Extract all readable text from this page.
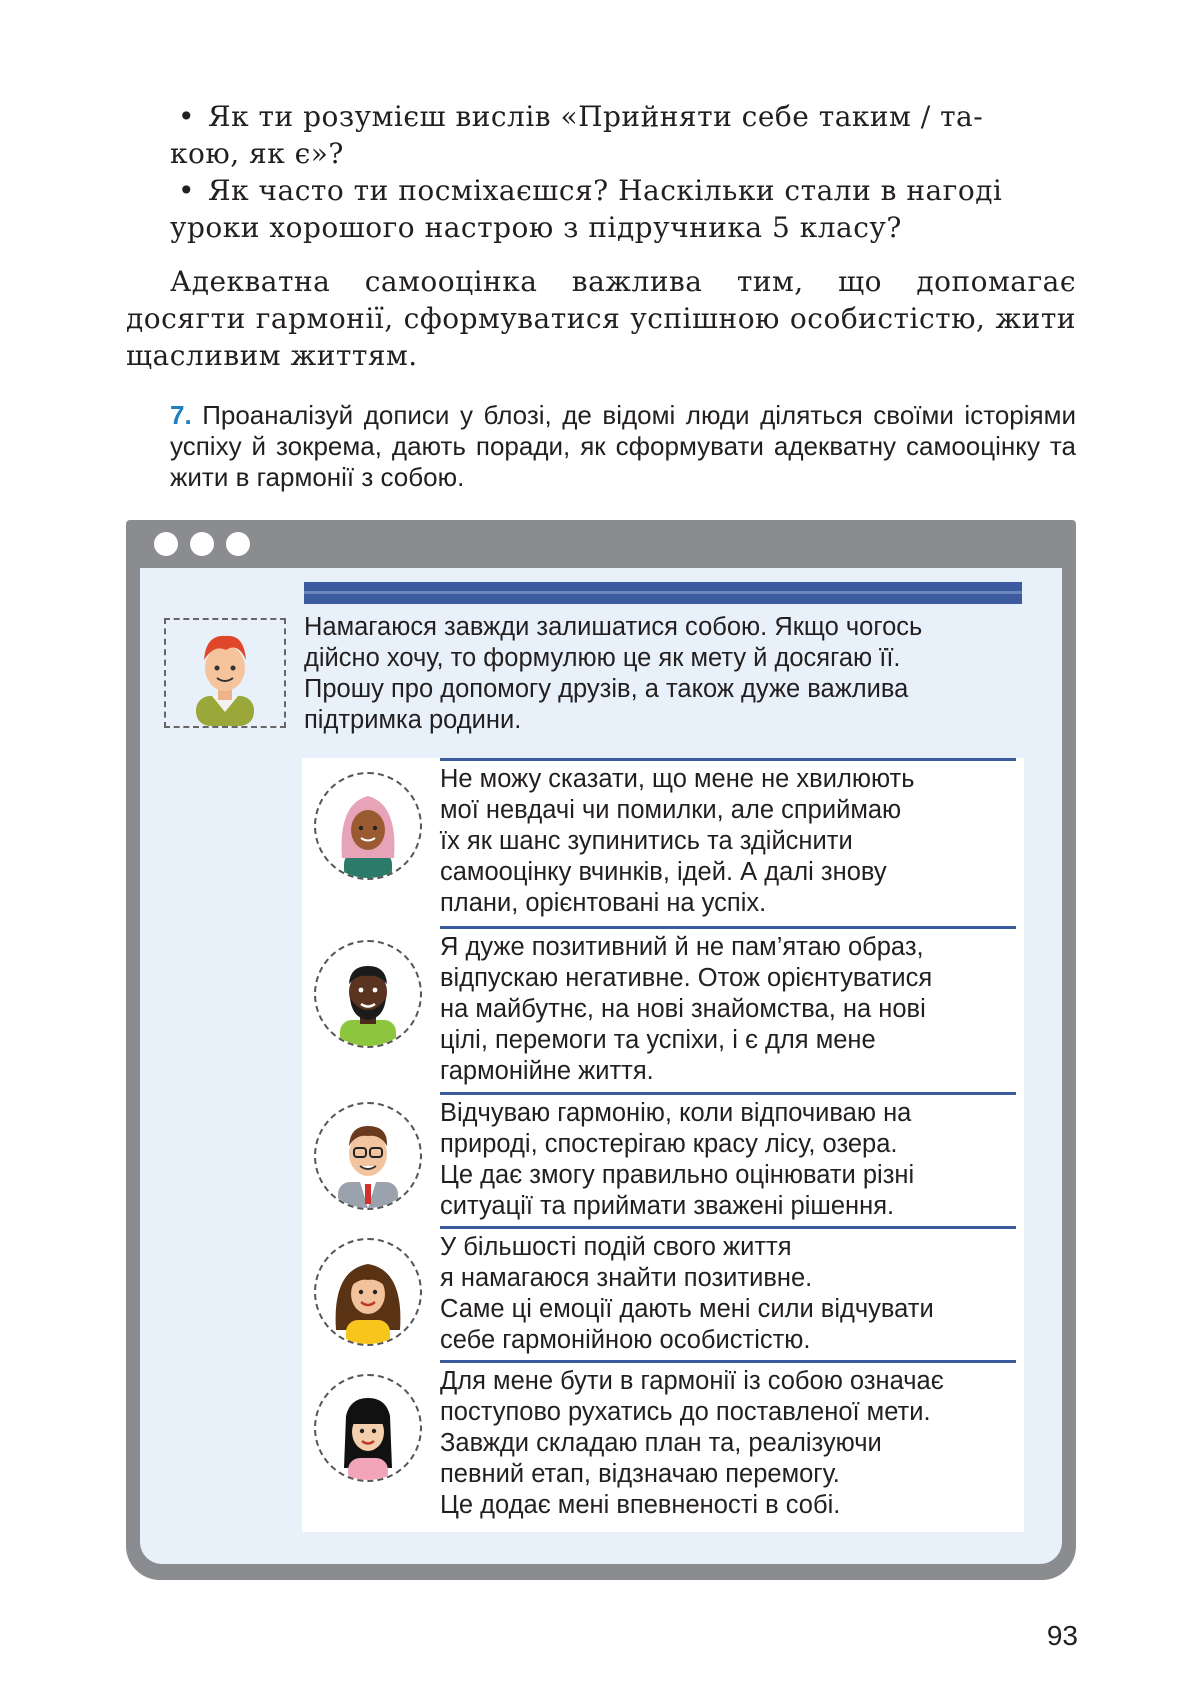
• Як ти розумієш вислів «Прийняти себе таким / та-
кою, як є»?
• Як часто ти посміхаєшся? Наскільки стали в нагоді
уроки хорошого настрою з підручника 5 класу?
Адекватна самооцінка важлива тим, що допомагає досягти гармонії, сформуватися успішною особистістю, жити щасливим життям.
7. Проаналізуй дописи у блозі, де відомі люди діляться своїми історіями успіху й зокрема, дають поради, як сформувати адекватну самооцінку та жити в гармонії з собою.
Намагаюся завжди залишатися собою. Якщо чогось
дійсно хочу, то формулюю це як мету й досягаю її.
Прошу про допомогу друзів, а також дуже важлива
підтримка родини.
Не можу сказати, що мене не хвилюють
мої невдачі чи помилки, але сприймаю
їх як шанс зупинитись та здійснити
самооцінку вчинків, ідей. А далі знову
плани, орієнтовані на успіх.
Я дуже позитивний й не пам’ятаю образ,
відпускаю негативне. Отож орієнтуватися
на майбутнє, на нові знайомства, на нові
цілі, перемоги та успіхи, і є для мене
гармонійне життя.
Відчуваю гармонію, коли відпочиваю на
природі, спостерігаю красу лісу, озера.
Це дає змогу правильно оцінювати різні
ситуації та приймати зважені рішення.
У більшості подій свого життя
я намагаюся знайти позитивне.
Саме ці емоції дають мені сили відчувати
себе гармонійною особистістю.
Для мене бути в гармонії із собою означає
поступово рухатись до поставленої мети.
Завжди складаю план та, реалізуючи
певний етап, відзначаю перемогу.
Це додає мені впевненості в собі.
93
